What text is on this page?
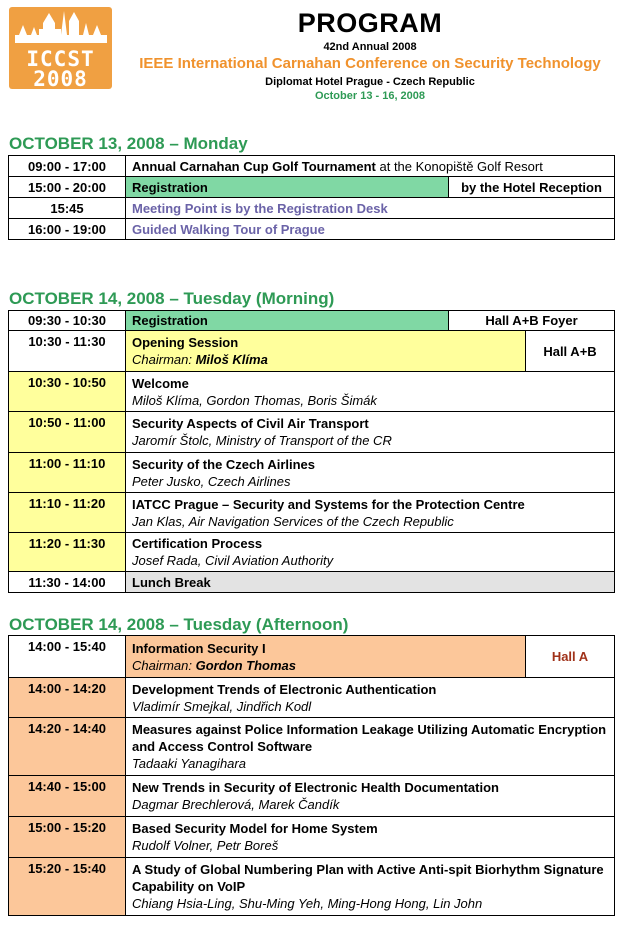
ICCST
2008
PROGRAM
42nd Annual 2008
IEEE International Carnahan Conference on Security Technology
Diplomat Hotel Prague - Czech Republic
October 13 - 16, 2008
OCTOBER 13, 2008 – Monday
09:00 - 17:00	Annual Carnahan Cup Golf Tournament at the Konopiště Golf Resort	
15:00 - 20:00	Registration	by the Hotel Reception
15:45	Meeting Point is by the Registration Desk	
16:00 - 19:00	Guided Walking Tour of Prague	
OCTOBER 14, 2008 – Tuesday (Morning)
09:30 - 10:30	Registration	Hall A+B Foyer	
10:30 - 11:30	Opening Session
Chairman: Miloš Klíma		Hall A+B
10:30 - 10:50	Welcome
Miloš Klíma, Gordon Thomas, Boris Šimák		

10:50 - 11:00	Security Aspects of Civil Air Transport
Jaromír Štolc, Ministry of Transport of the CR		

11:00 - 11:10	Security of the Czech Airlines
Peter Jusko, Czech Airlines		

11:10 - 11:20	IATCC Prague – Security and Systems for the Protection Centre
Jan Klas, Air Navigation Services of the Czech Republic		

11:20 - 11:30	Certification Process
Josef Rada, Civil Aviation Authority		

11:30 - 14:00	Lunch Break		
OCTOBER 14, 2008 – Tuesday (Afternoon)
14:00 - 15:40	Information Security I
Chairman: Gordon Thomas	Hall A
14:00 - 14:20	Development Trends of Electronic Authentication
Vladimír Smejkal, Jindřich Kodl	

14:20 - 14:40	Measures against Police Information Leakage Utilizing Automatic Encryption and Access Control Software
Tadaaki Yanagihara	

14:40 - 15:00	New Trends in Security of Electronic Health Documentation
Dagmar Brechlerová, Marek Čandík	

15:00 - 15:20	Based Security Model for Home System
Rudolf Volner, Petr Boreš	

15:20 - 15:40	A Study of Global Numbering Plan with Active Anti-spit Biorhythm Signature Capability on VoIP
Chiang Hsia-Ling, Shu-Ming Yeh, Ming-Hong Hong, Lin John	
